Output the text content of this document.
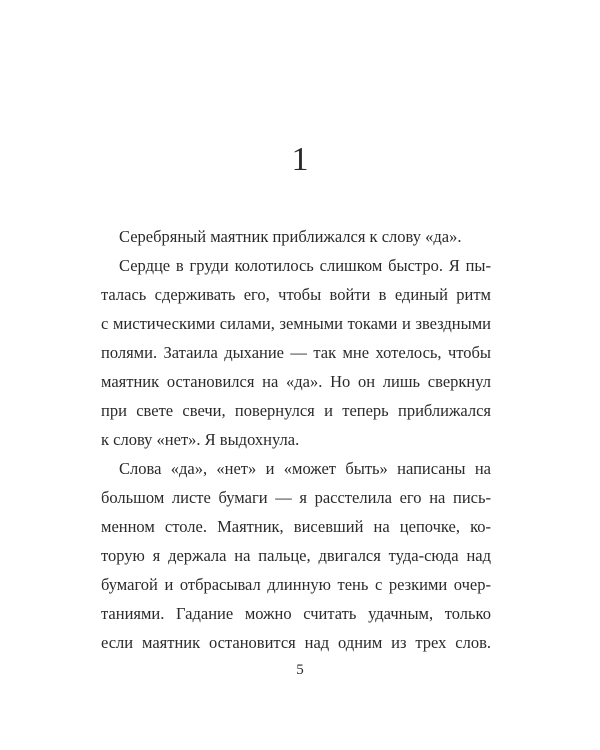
1
Серебряный маятник приближался к слову «да».
Сердце в груди колотилось слишком быстро. Я пы-
талась сдерживать его, чтобы войти в единый ритм
с мистическими силами, земными токами и звездными
полями. Затаила дыхание — так мне хотелось, чтобы
маятник остановился на «да». Но он лишь сверкнул
при свете свечи, повернулся и теперь приближался
к слову «нет». Я выдохнула.
Слова «да», «нет» и «может быть» написаны на
большом листе бумаги — я расстелила его на пись-
менном столе. Маятник, висевший на цепочке, ко-
торую я держала на пальце, двигался туда-сюда над
бумагой и отбрасывал длинную тень с резкими очер-
таниями. Гадание можно считать удачным, только
если маятник остановится над одним из трех слов.
5
